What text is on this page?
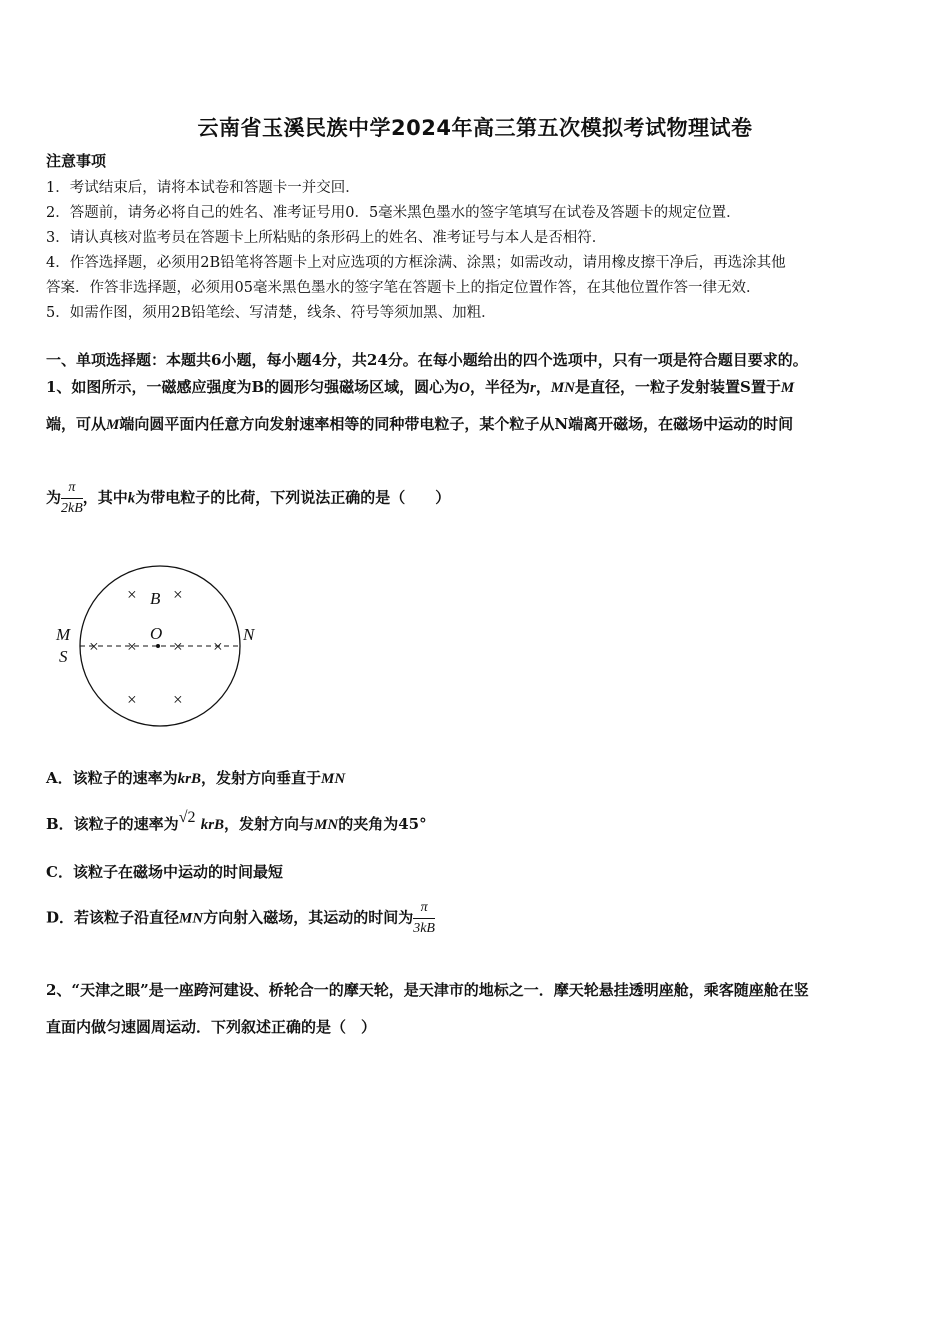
云南省玉溪民族中学2024年高三第五次模拟考试物理试卷
注意事项
1．考试结束后，请将本试卷和答题卡一并交回．
2．答题前，请务必将自己的姓名、准考证号用0．5毫米黑色墨水的签字笔填写在试卷及答题卡的规定位置．
3．请认真核对监考员在答题卡上所粘贴的条形码上的姓名、准考证号与本人是否相符．
4．作答选择题，必须用2B铅笔将答题卡上对应选项的方框涂满、涂黑；如需改动，请用橡皮擦干净后，再选涂其他
答案．作答非选择题，必须用05毫米黑色墨水的签字笔在答题卡上的指定位置作答，在其他位置作答一律无效．
5．如需作图，须用2B铅笔绘、写清楚，线条、符号等须加黑、加粗．
一、单项选择题：本题共6小题，每小题4分，共24分。在每小题给出的四个选项中，只有一项是符合题目要求的。
1、如图所示，一磁感应强度为B的圆形匀强磁场区域，圆心为O，半径为r，MN是直径，一粒子发射装置S置于M
端，可从M端向圆平面内任意方向发射速率相等的同种带电粒子，某个粒子从N端离开磁场，在磁场中运动的时间
为 $\frac{\pi}{2kB}$ ，其中k为带电粒子的比荷，下列说法正确的是（　　）
× ×
× × × ×
× ×
B
O
M
S
N
A．该粒子的速率为krB，发射方向垂直于MN
B．该粒子的速率为√2 krB，发射方向与MN的夹角为45°
C．该粒子在磁场中运动的时间最短
D．若该粒子沿直径MN方向射入磁场，其运动的时间为 $\frac{\pi}{3kB}$
2、“天津之眼”是一座跨河建设、桥轮合一的摩天轮，是天津市的地标之一．摩天轮悬挂透明座舱，乘客随座舱在竖
直面内做匀速圆周运动．下列叙述正确的是（　）
